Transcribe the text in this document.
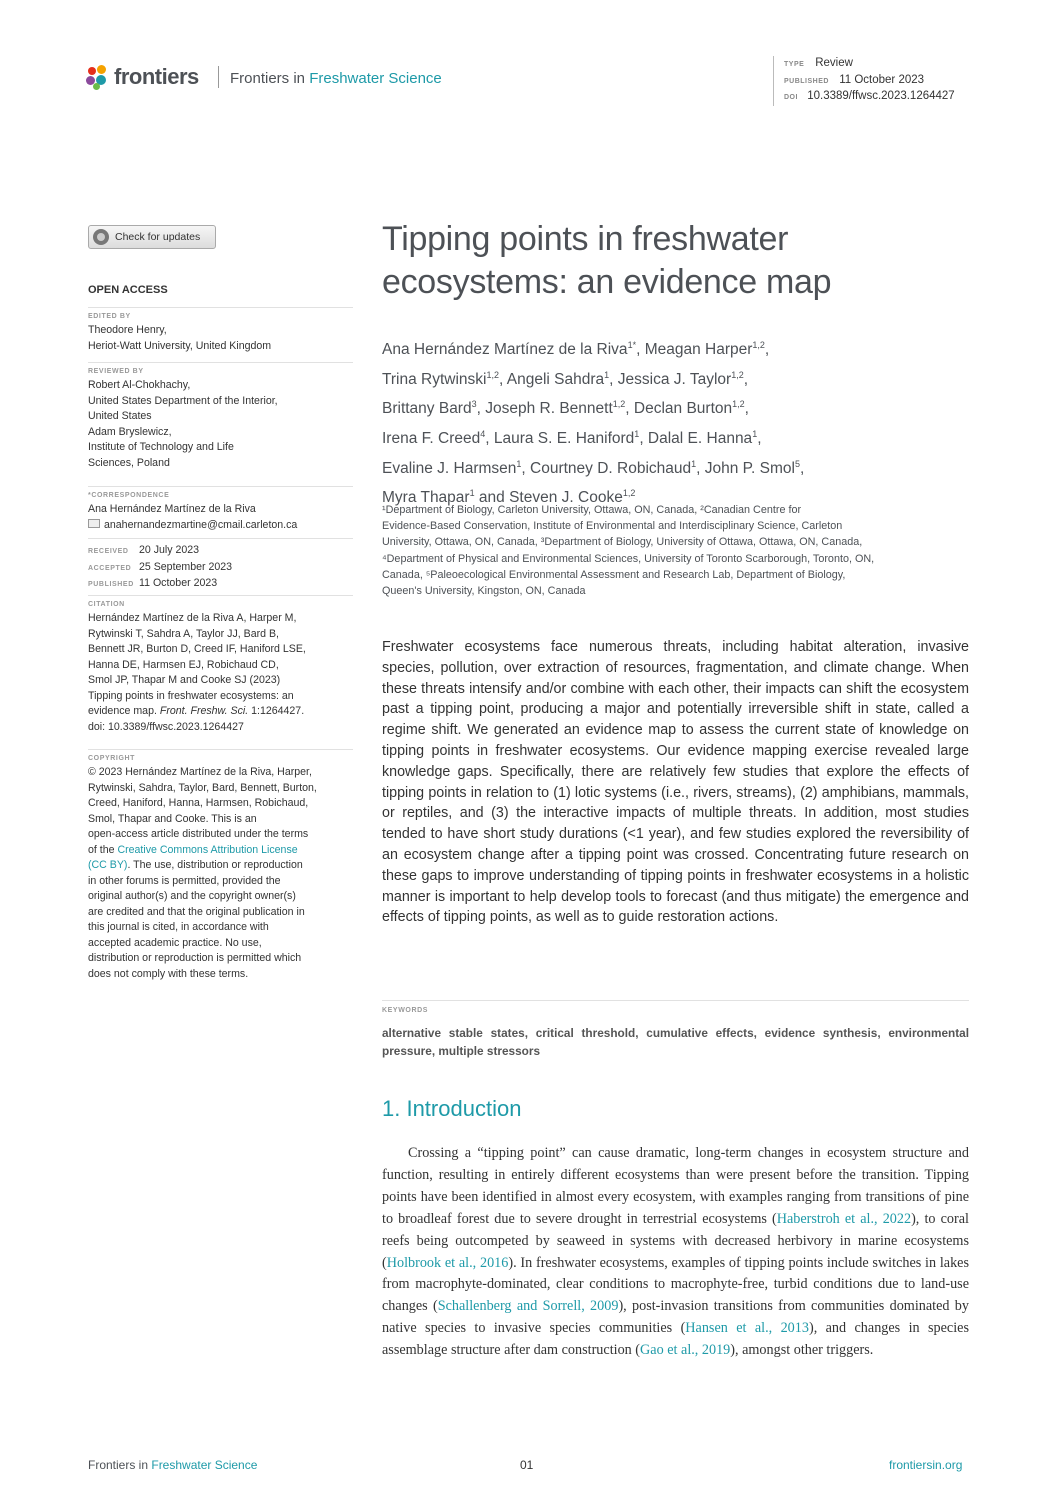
frontiers Frontiers in Freshwater Science
TYPE Review
PUBLISHED 11 October 2023
DOI 10.3389/ffwsc.2023.1264427
Check for updates
OPEN ACCESS
EDITED BY
Theodore Henry,
Heriot-Watt University, United Kingdom
REVIEWED BY
Robert Al-Chokhachy,
United States Department of the Interior,
United States
Adam Bryslewicz,
Institute of Technology and Life
Sciences, Poland
*CORRESPONDENCE
Ana Hernández Martínez de la Riva
anahernandezmartine@cmail.carleton.ca
RECEIVED 20 July 2023
ACCEPTED 25 September 2023
PUBLISHED 11 October 2023
CITATION
Hernández Martínez de la Riva A, Harper M,
Rytwinski T, Sahdra A, Taylor JJ, Bard B,
Bennett JR, Burton D, Creed IF, Haniford LSE,
Hanna DE, Harmsen EJ, Robichaud CD,
Smol JP, Thapar M and Cooke SJ (2023)
Tipping points in freshwater ecosystems: an
evidence map. Front. Freshw. Sci. 1:1264427.
doi: 10.3389/ffwsc.2023.1264427
COPYRIGHT
© 2023 Hernández Martínez de la Riva, Harper,
Rytwinski, Sahdra, Taylor, Bard, Bennett, Burton,
Creed, Haniford, Hanna, Harmsen, Robichaud,
Smol, Thapar and Cooke. This is an
open-access article distributed under the terms
of the Creative Commons Attribution License
(CC BY). The use, distribution or reproduction
in other forums is permitted, provided the
original author(s) and the copyright owner(s)
are credited and that the original publication in
this journal is cited, in accordance with
accepted academic practice. No use,
distribution or reproduction is permitted which
does not comply with these terms.
Tipping points in freshwater ecosystems: an evidence map
Ana Hernández Martínez de la Riva$^{1*}$, Meagan Harper$^{1,2}$,
Trina Rytwinski$^{1,2}$, Angeli Sahdra$^1$, Jessica J. Taylor$^{1,2}$,
Brittany Bard$^3$, Joseph R. Bennett$^{1,2}$, Declan Burton$^{1,2}$,
Irena F. Creed$^4$, Laura S. E. Haniford$^1$, Dalal E. Hanna$^1$,
Evaline J. Harmsen$^1$, Courtney D. Robichaud$^1$, John P. Smol$^5$,
Myra Thapar$^1$ and Steven J. Cooke$^{1,2}$
¹Department of Biology, Carleton University, Ottawa, ON, Canada, ²Canadian Centre for
Evidence-Based Conservation, Institute of Environmental and Interdisciplinary Science, Carleton
University, Ottawa, ON, Canada, ³Department of Biology, University of Ottawa, Ottawa, ON, Canada,
⁴Department of Physical and Environmental Sciences, University of Toronto Scarborough, Toronto, ON,
Canada, ⁵Paleoecological Environmental Assessment and Research Lab, Department of Biology,
Queen's University, Kingston, ON, Canada
Freshwater ecosystems face numerous threats, including habitat alteration, invasive species, pollution, over extraction of resources, fragmentation, and climate change. When these threats intensify and/or combine with each other, their impacts can shift the ecosystem past a tipping point, producing a major and potentially irreversible shift in state, called a regime shift. We generated an evidence map to assess the current state of knowledge on tipping points in freshwater ecosystems. Our evidence mapping exercise revealed large knowledge gaps. Specifically, there are relatively few studies that explore the effects of tipping points in relation to (1) lotic systems (i.e., rivers, streams), (2) amphibians, mammals, or reptiles, and (3) the interactive impacts of multiple threats. In addition, most studies tended to have short study durations (<1 year), and few studies explored the reversibility of an ecosystem change after a tipping point was crossed. Concentrating future research on these gaps to improve understanding of tipping points in freshwater ecosystems in a holistic manner is important to help develop tools to forecast (and thus mitigate) the emergence and effects of tipping points, as well as to guide restoration actions.
KEYWORDS
alternative stable states, critical threshold, cumulative effects, evidence synthesis, environmental pressure, multiple stressors
1. Introduction
Crossing a “tipping point” can cause dramatic, long-term changes in ecosystem structure and function, resulting in entirely different ecosystems than were present before the transition. Tipping points have been identified in almost every ecosystem, with examples ranging from transitions of pine to broadleaf forest due to severe drought in terrestrial ecosystems (Haberstroh et al., 2022), to coral reefs being outcompeted by seaweed in systems with decreased herbivory in marine ecosystems (Holbrook et al., 2016). In freshwater ecosystems, examples of tipping points include switches in lakes from macrophyte-dominated, clear conditions to macrophyte-free, turbid conditions due to land-use changes (Schallenberg and Sorrell, 2009), post-invasion transitions from communities dominated by native species to invasive species communities (Hansen et al., 2013), and changes in species assemblage structure after dam construction (Gao et al., 2019), amongst other triggers.
Frontiers in Freshwater Science	01	frontiersin.org
